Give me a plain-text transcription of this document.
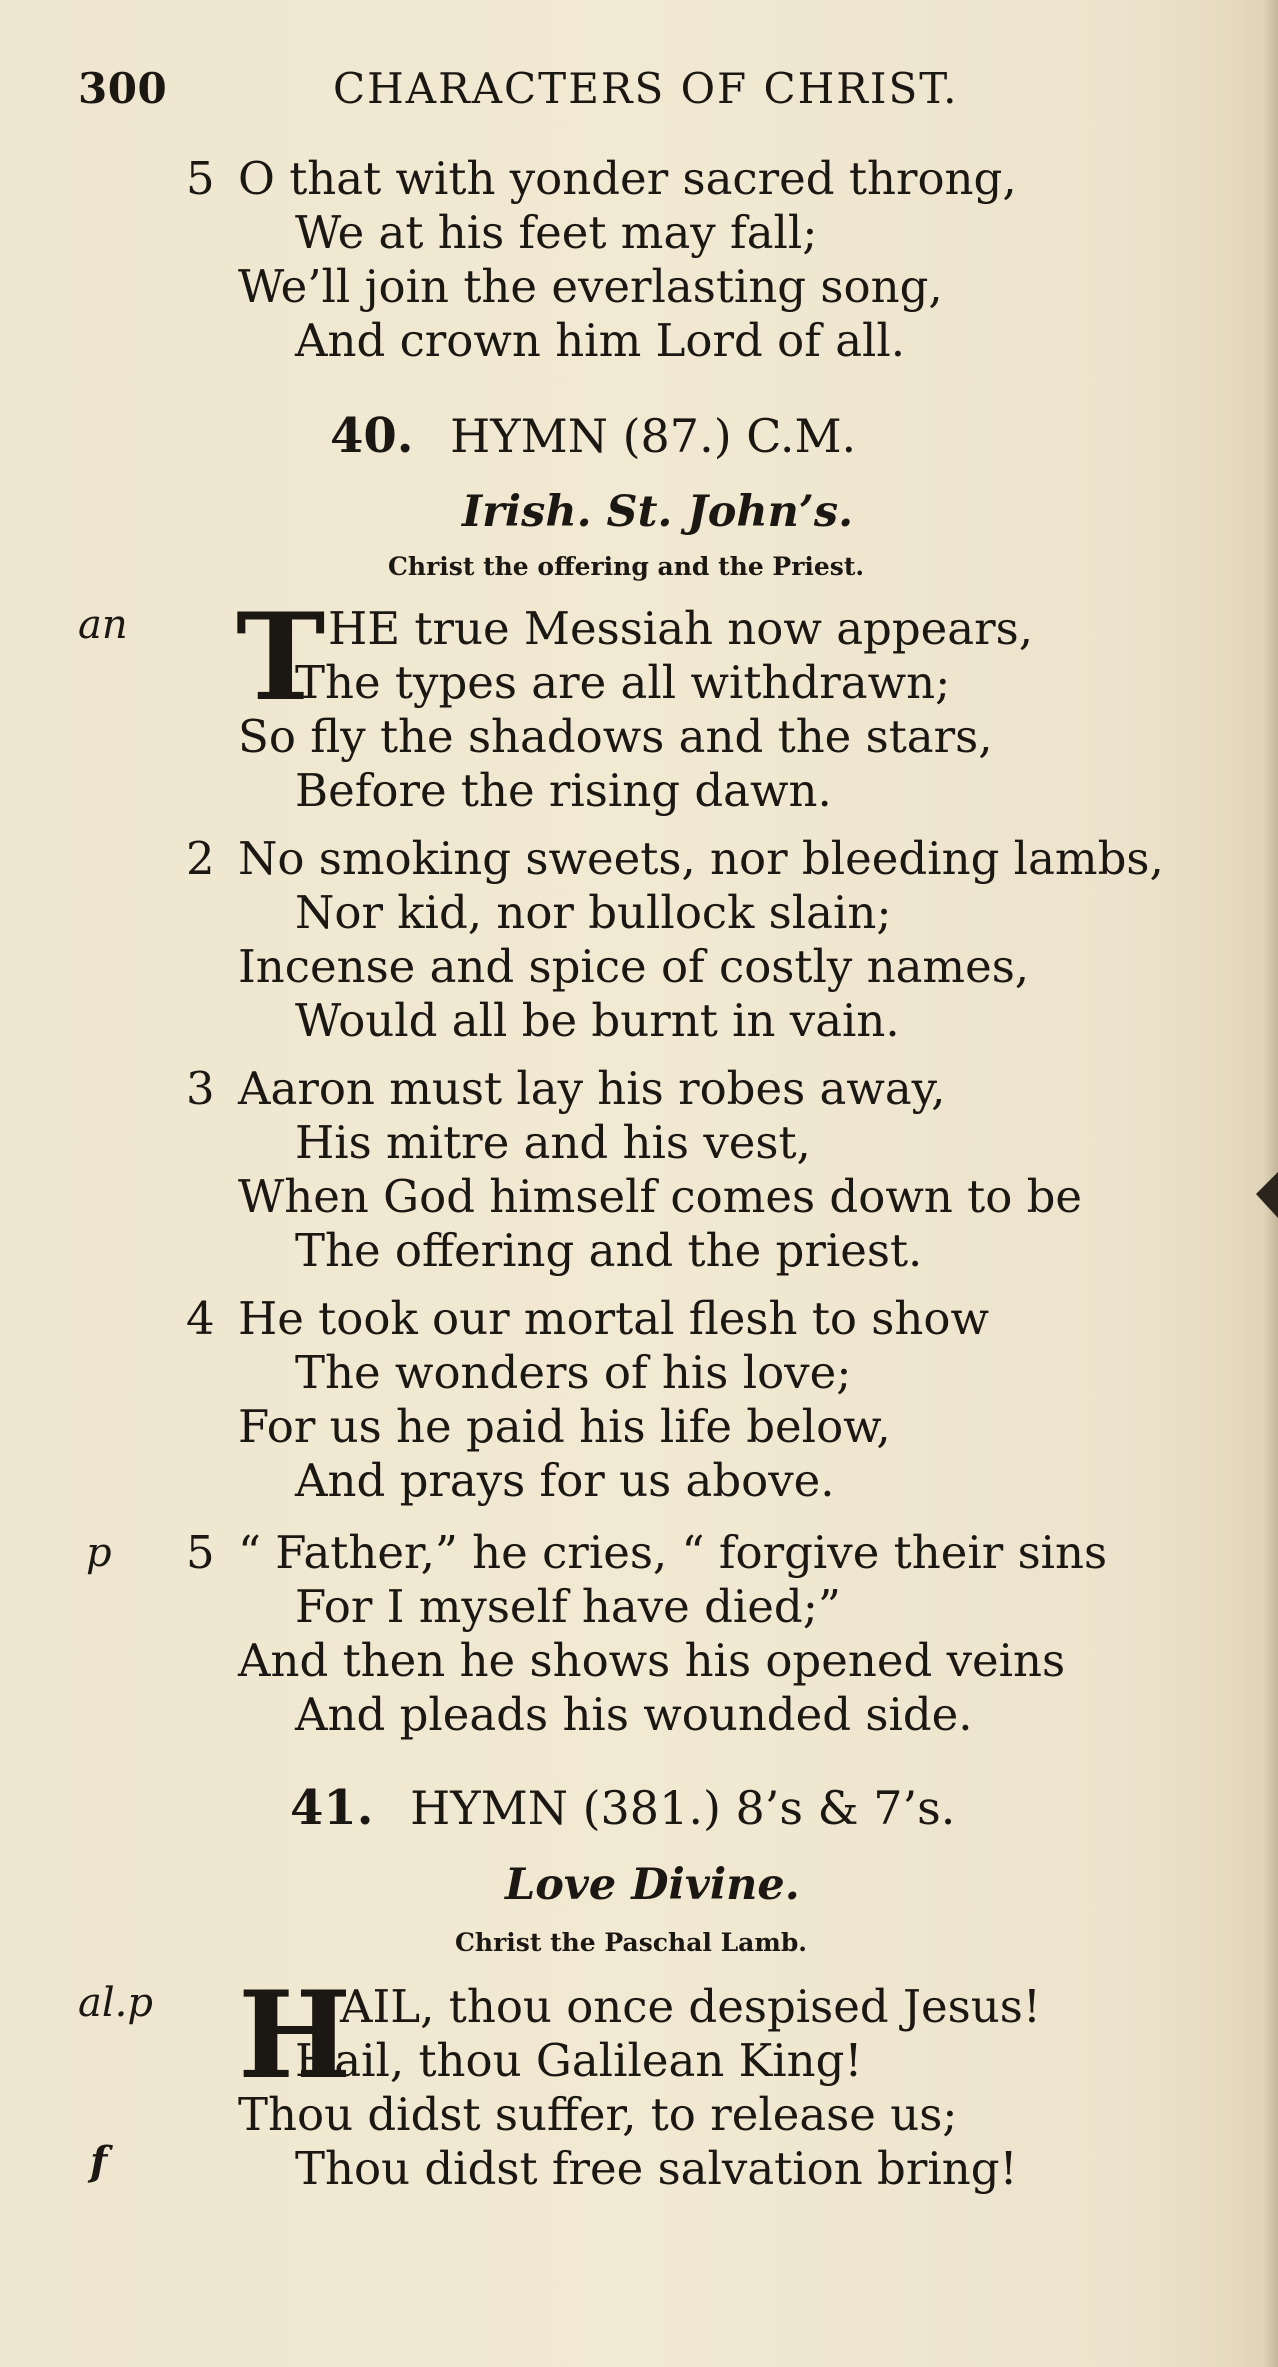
300	CHARACTERS OF CHRIST.
5 O that with yonder sacred throng,
We at his feet may fall;
We’ll join the everlasting song,
And crown him Lord of all.
40. HYMN (87.) C.M.
Irish. St. John’s.
Christ the offering and the Priest.
an T HE true Messiah now appears,
The types are all withdrawn;
So fly the shadows and the stars,
Before the rising dawn.
2 No smoking sweets, nor bleeding lambs,
Nor kid, nor bullock slain;
Incense and spice of costly names,
Would all be burnt in vain.
3 Aaron must lay his robes away,
His mitre and his vest,
When God himself comes down to be
The offering and the priest.
4 He took our mortal flesh to show
The wonders of his love;
For us he paid his life below,
And prays for us above.
p 5 “ Father,” he cries, “ forgive their sins
For I myself have died;”
And then he shows his opened veins
And pleads his wounded side.
41. HYMN (381.) 8’s & 7’s.
Love Divine.
Christ the Paschal Lamb.
al.p H
AIL, thou once despised Jesus!
Hail, thou Galilean King!
Thou didst suffer, to release us;
f	Thou didst free salvation bring!
